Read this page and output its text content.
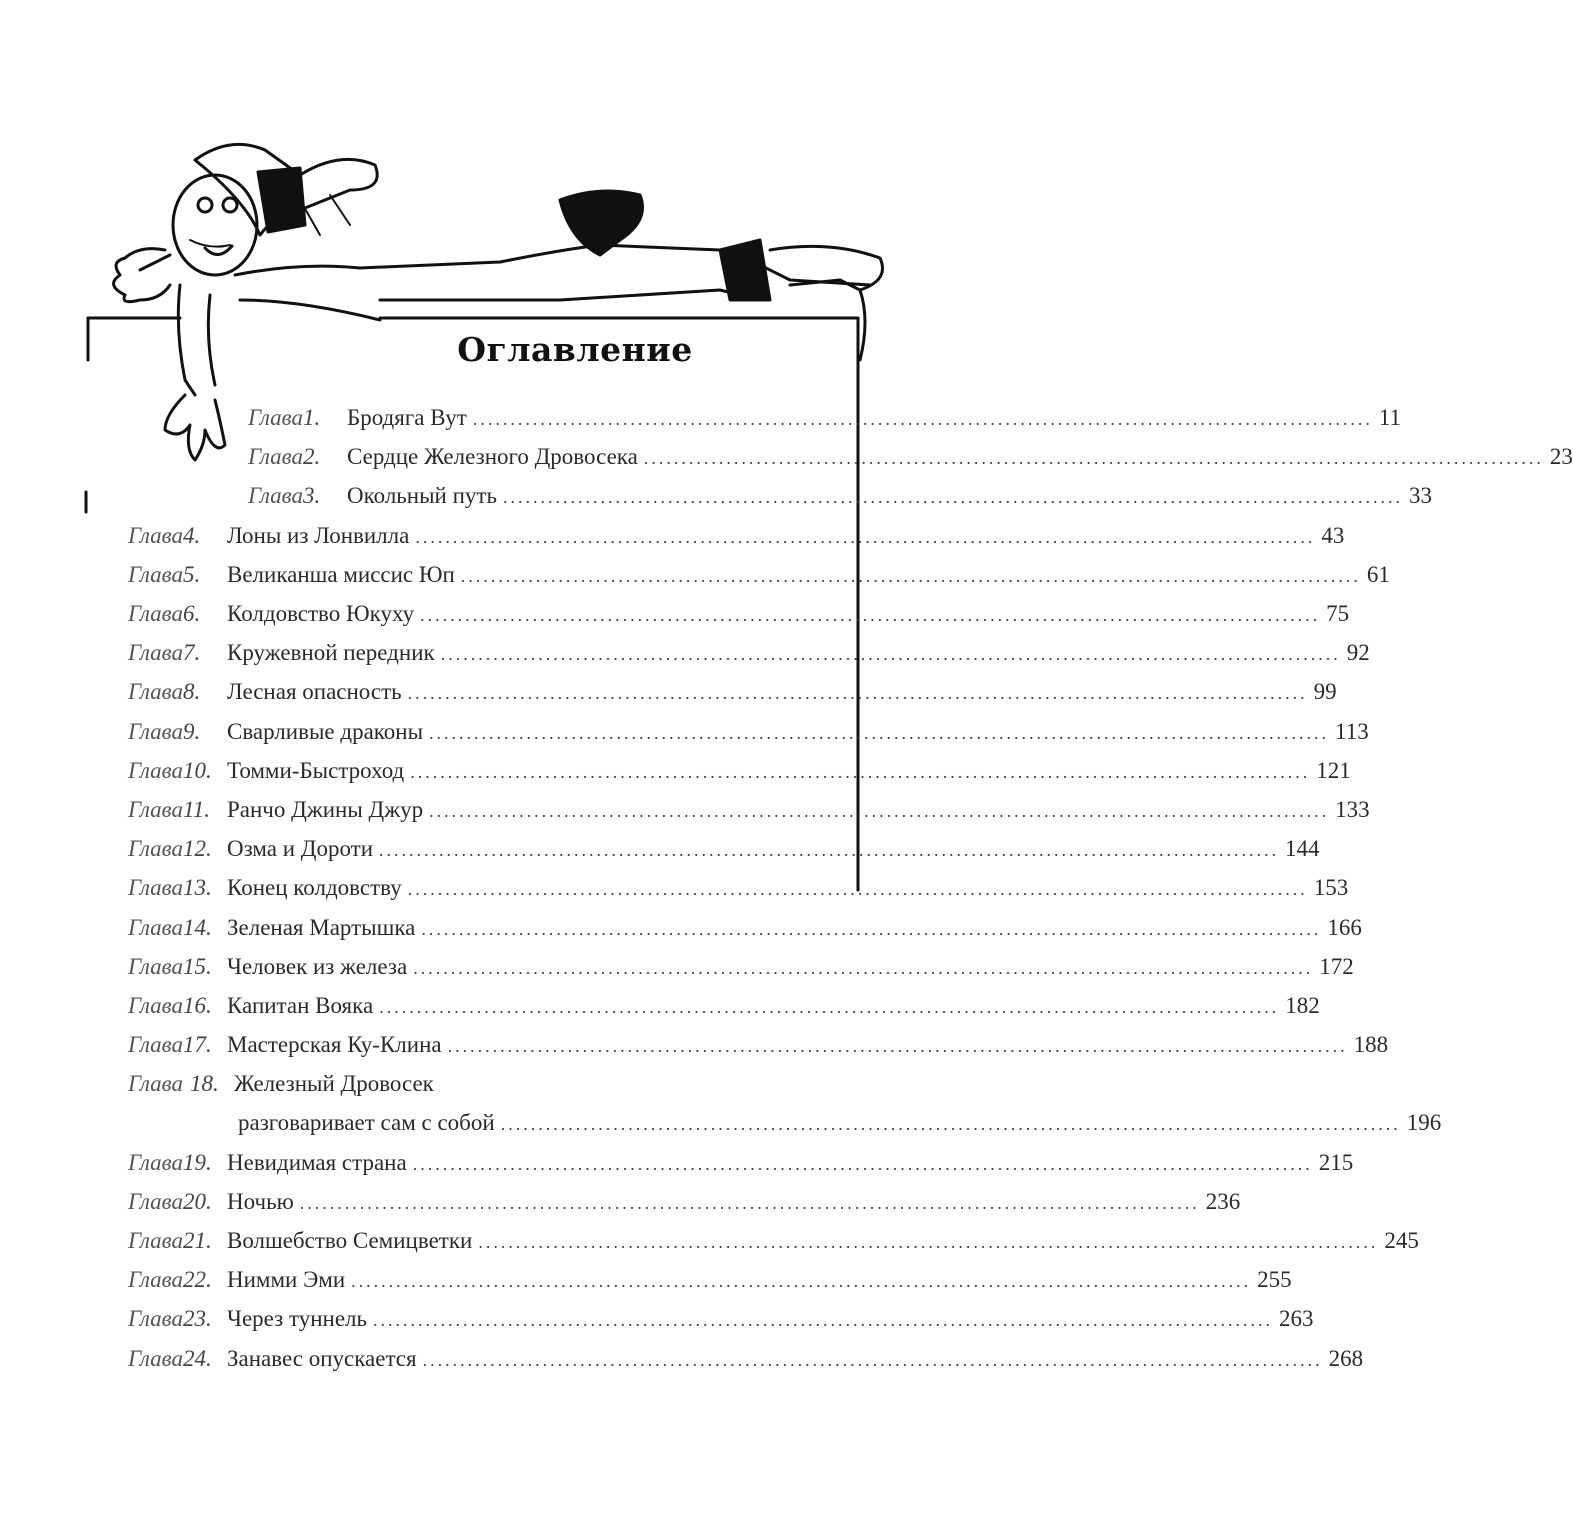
Оглавление
Глава 1.	Бродяга Вут ........................................................................................................................ 11
Глава 2.	Сердце Железного Дровосека ........................................................................................................................ 23
Глава 3.	Окольный путь ........................................................................................................................ 33
Глава 4.	Лоны из Лонвилла ........................................................................................................................ 43
Глава 5.	Великанша миссис Юп ........................................................................................................................ 61
Глава 6.	Колдовство Юкуху ........................................................................................................................ 75
Глава 7.	Кружевной передник ........................................................................................................................ 92
Глава 8.	Лесная опасность ........................................................................................................................ 99
Глава 9.	Сварливые драконы ........................................................................................................................ 113
Глава 10. Томми-Быстроход ........................................................................................................................ 121
Глава 11. Ранчо Джины Джур ........................................................................................................................ 133
Глава 12. Озма и Дороти ........................................................................................................................ 144
Глава 13. Конец колдовству ........................................................................................................................ 153
Глава 14. Зеленая Мартышка ........................................................................................................................ 166
Глава 15. Человек из железа ........................................................................................................................ 172
Глава 16. Капитан Вояка ........................................................................................................................ 182
Глава 17. Мастерская Ку-Клина ........................................................................................................................ 188
Глава 18. Железный Дровосек
разговаривает сам с собой ........................................................................................................................ 196
Глава 19. Невидимая страна ........................................................................................................................ 215
Глава 20. Ночью ........................................................................................................................ 236
Глава 21. Волшебство Семицветки ........................................................................................................................ 245
Глава 22. Нимми Эми ........................................................................................................................ 255
Глава 23. Через туннель ........................................................................................................................ 263
Глава 24. Занавес опускается ........................................................................................................................ 268
